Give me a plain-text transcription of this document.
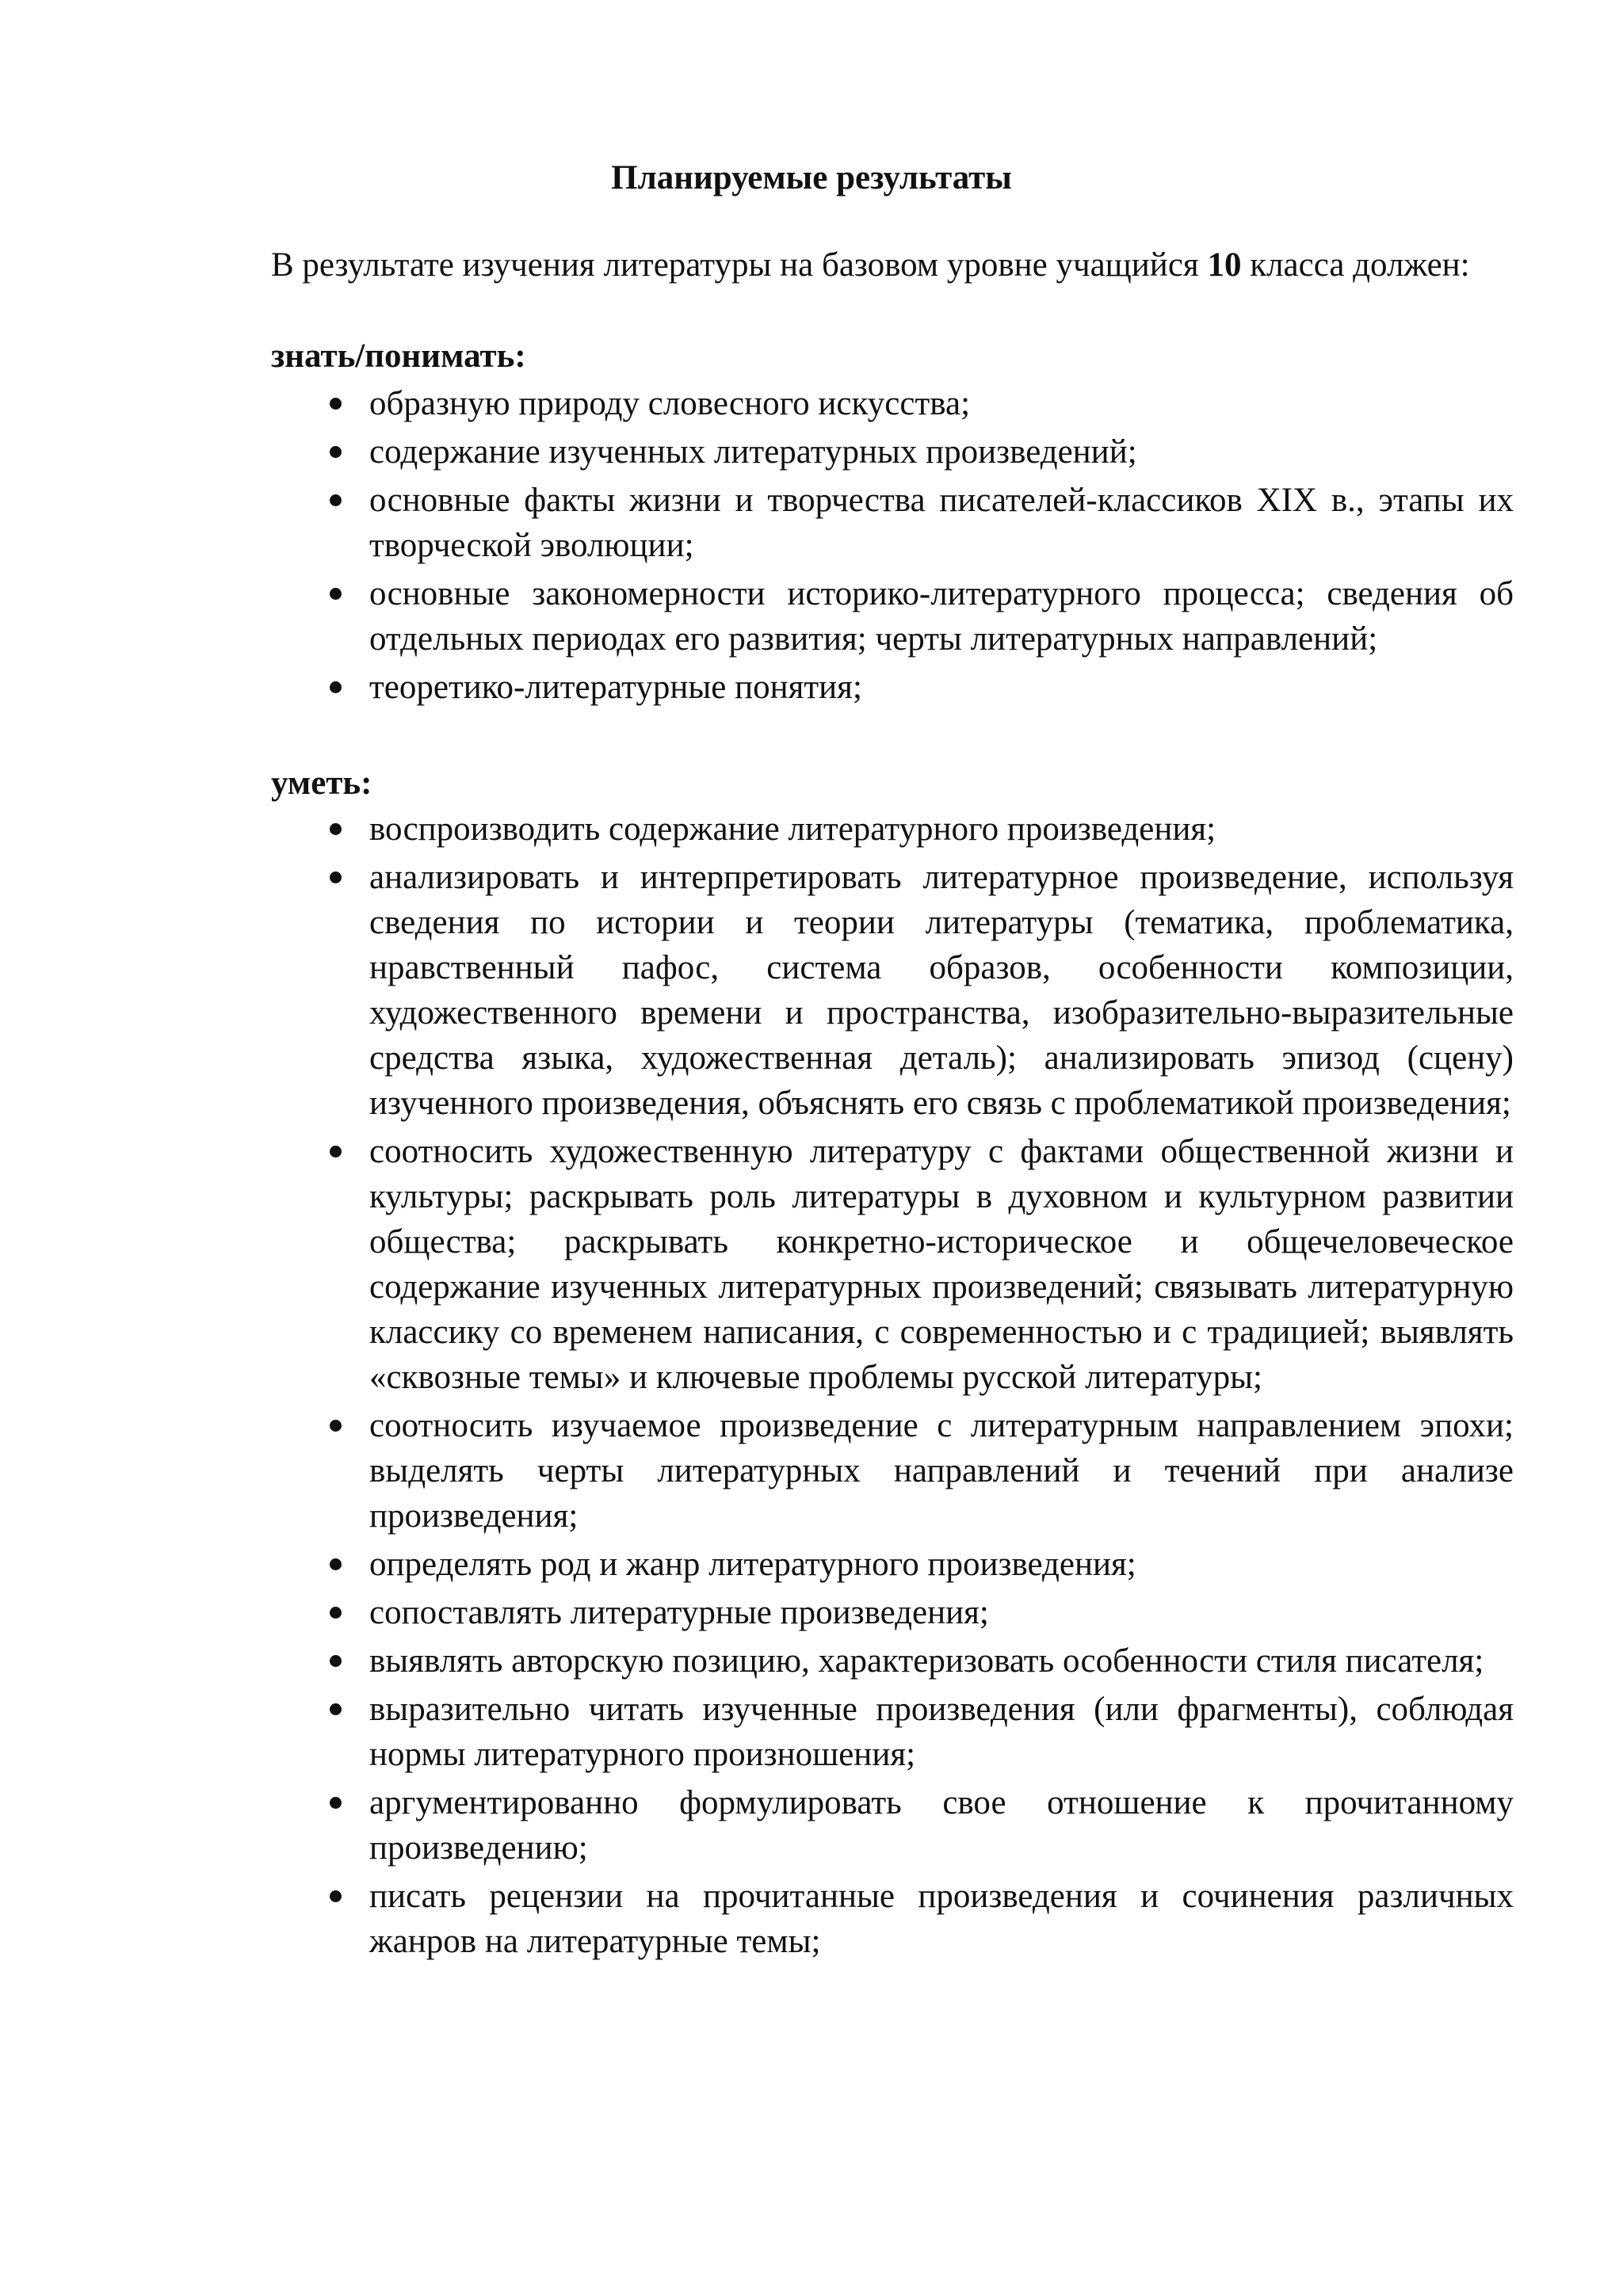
Планируемые результаты

В результате изучения литературы на базовом уровне учащийся 10 класса должен:

знать/понимать:

образную природу словесного искусства;
содержание изученных литературных произведений;
основные факты жизни и творчества писателей-классиков XIX в., этапы их творческой эволюции;
основные закономерности историко-литературного процесса; сведения об отдельных периодах его развития; черты литературных направлений;
теоретико-литературные понятия;

уметь:

воспроизводить содержание литературного произведения;
анализировать и интерпретировать литературное произведение, используя сведения по истории и теории литературы (тематика, проблематика, нравственный пафос, система образов, особенности композиции, художественного времени и пространства, изобразительно-выразительные средства языка, художественная деталь); анализировать эпизод (сцену) изученного произведения, объяснять его связь с проблематикой произведения;
соотносить художественную литературу с фактами общественной жизни и культуры; раскрывать роль литературы в духовном и культурном развитии общества; раскрывать конкретно-историческое и общечеловеческое содержание изученных литературных произведений; связывать литературную классику со временем написания, с современностью и с традицией; выявлять «сквозные темы» и ключевые проблемы русской литературы;
соотносить изучаемое произведение с литературным направлением эпохи; выделять черты литературных направлений и течений при анализе произведения;
определять род и жанр литературного произведения;
сопоставлять литературные произведения;
выявлять авторскую позицию, характеризовать особенности стиля писателя;
выразительно читать изученные произведения (или фрагменты), соблюдая нормы литературного произношения;
аргументированно формулировать свое отношение к прочитанному произведению;
писать рецензии на прочитанные произведения и сочинения различных жанров на литературные темы;
